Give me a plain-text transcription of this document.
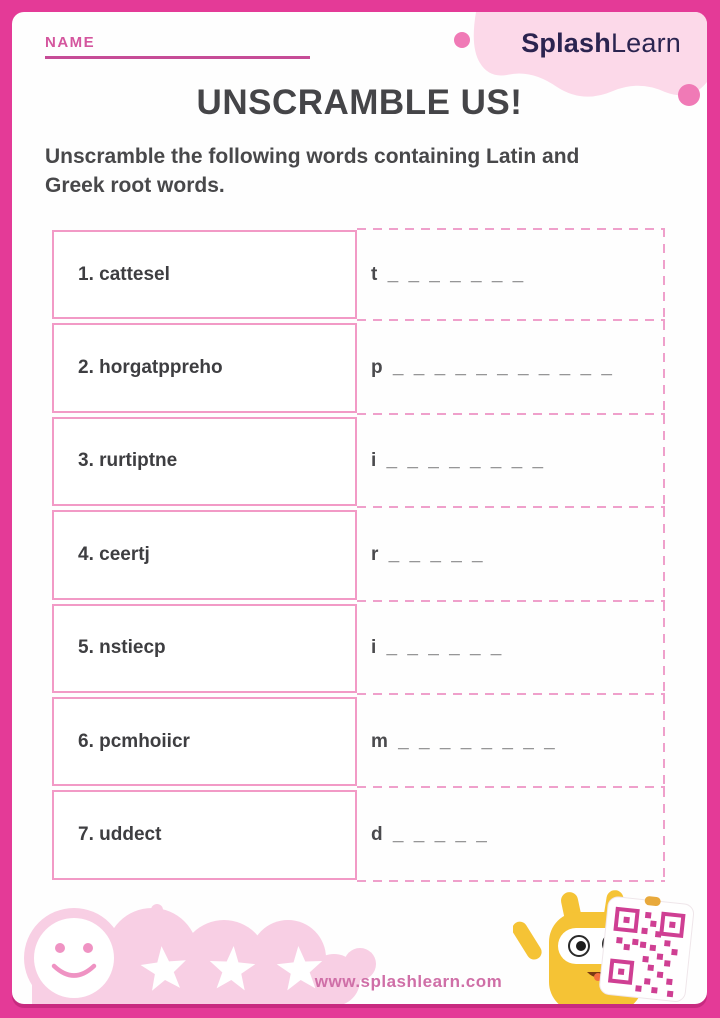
SplashLearn
NAME
UNSCRAMBLE US!
Unscramble the following words containing Latin and Greek root words.
1. cattesel	t _ _ _ _ _ _ _
2. horgatppreho	p _ _ _ _ _ _ _ _ _ _ _
3. rurtiptne	i _ _ _ _ _ _ _ _
4. ceertj	r _ _ _ _ _
5. nstiecp	i _ _ _ _ _ _
6. pcmhoiicr	m _ _ _ _ _ _ _ _
7. uddect	d _ _ _ _ _
www.splashlearn.com
